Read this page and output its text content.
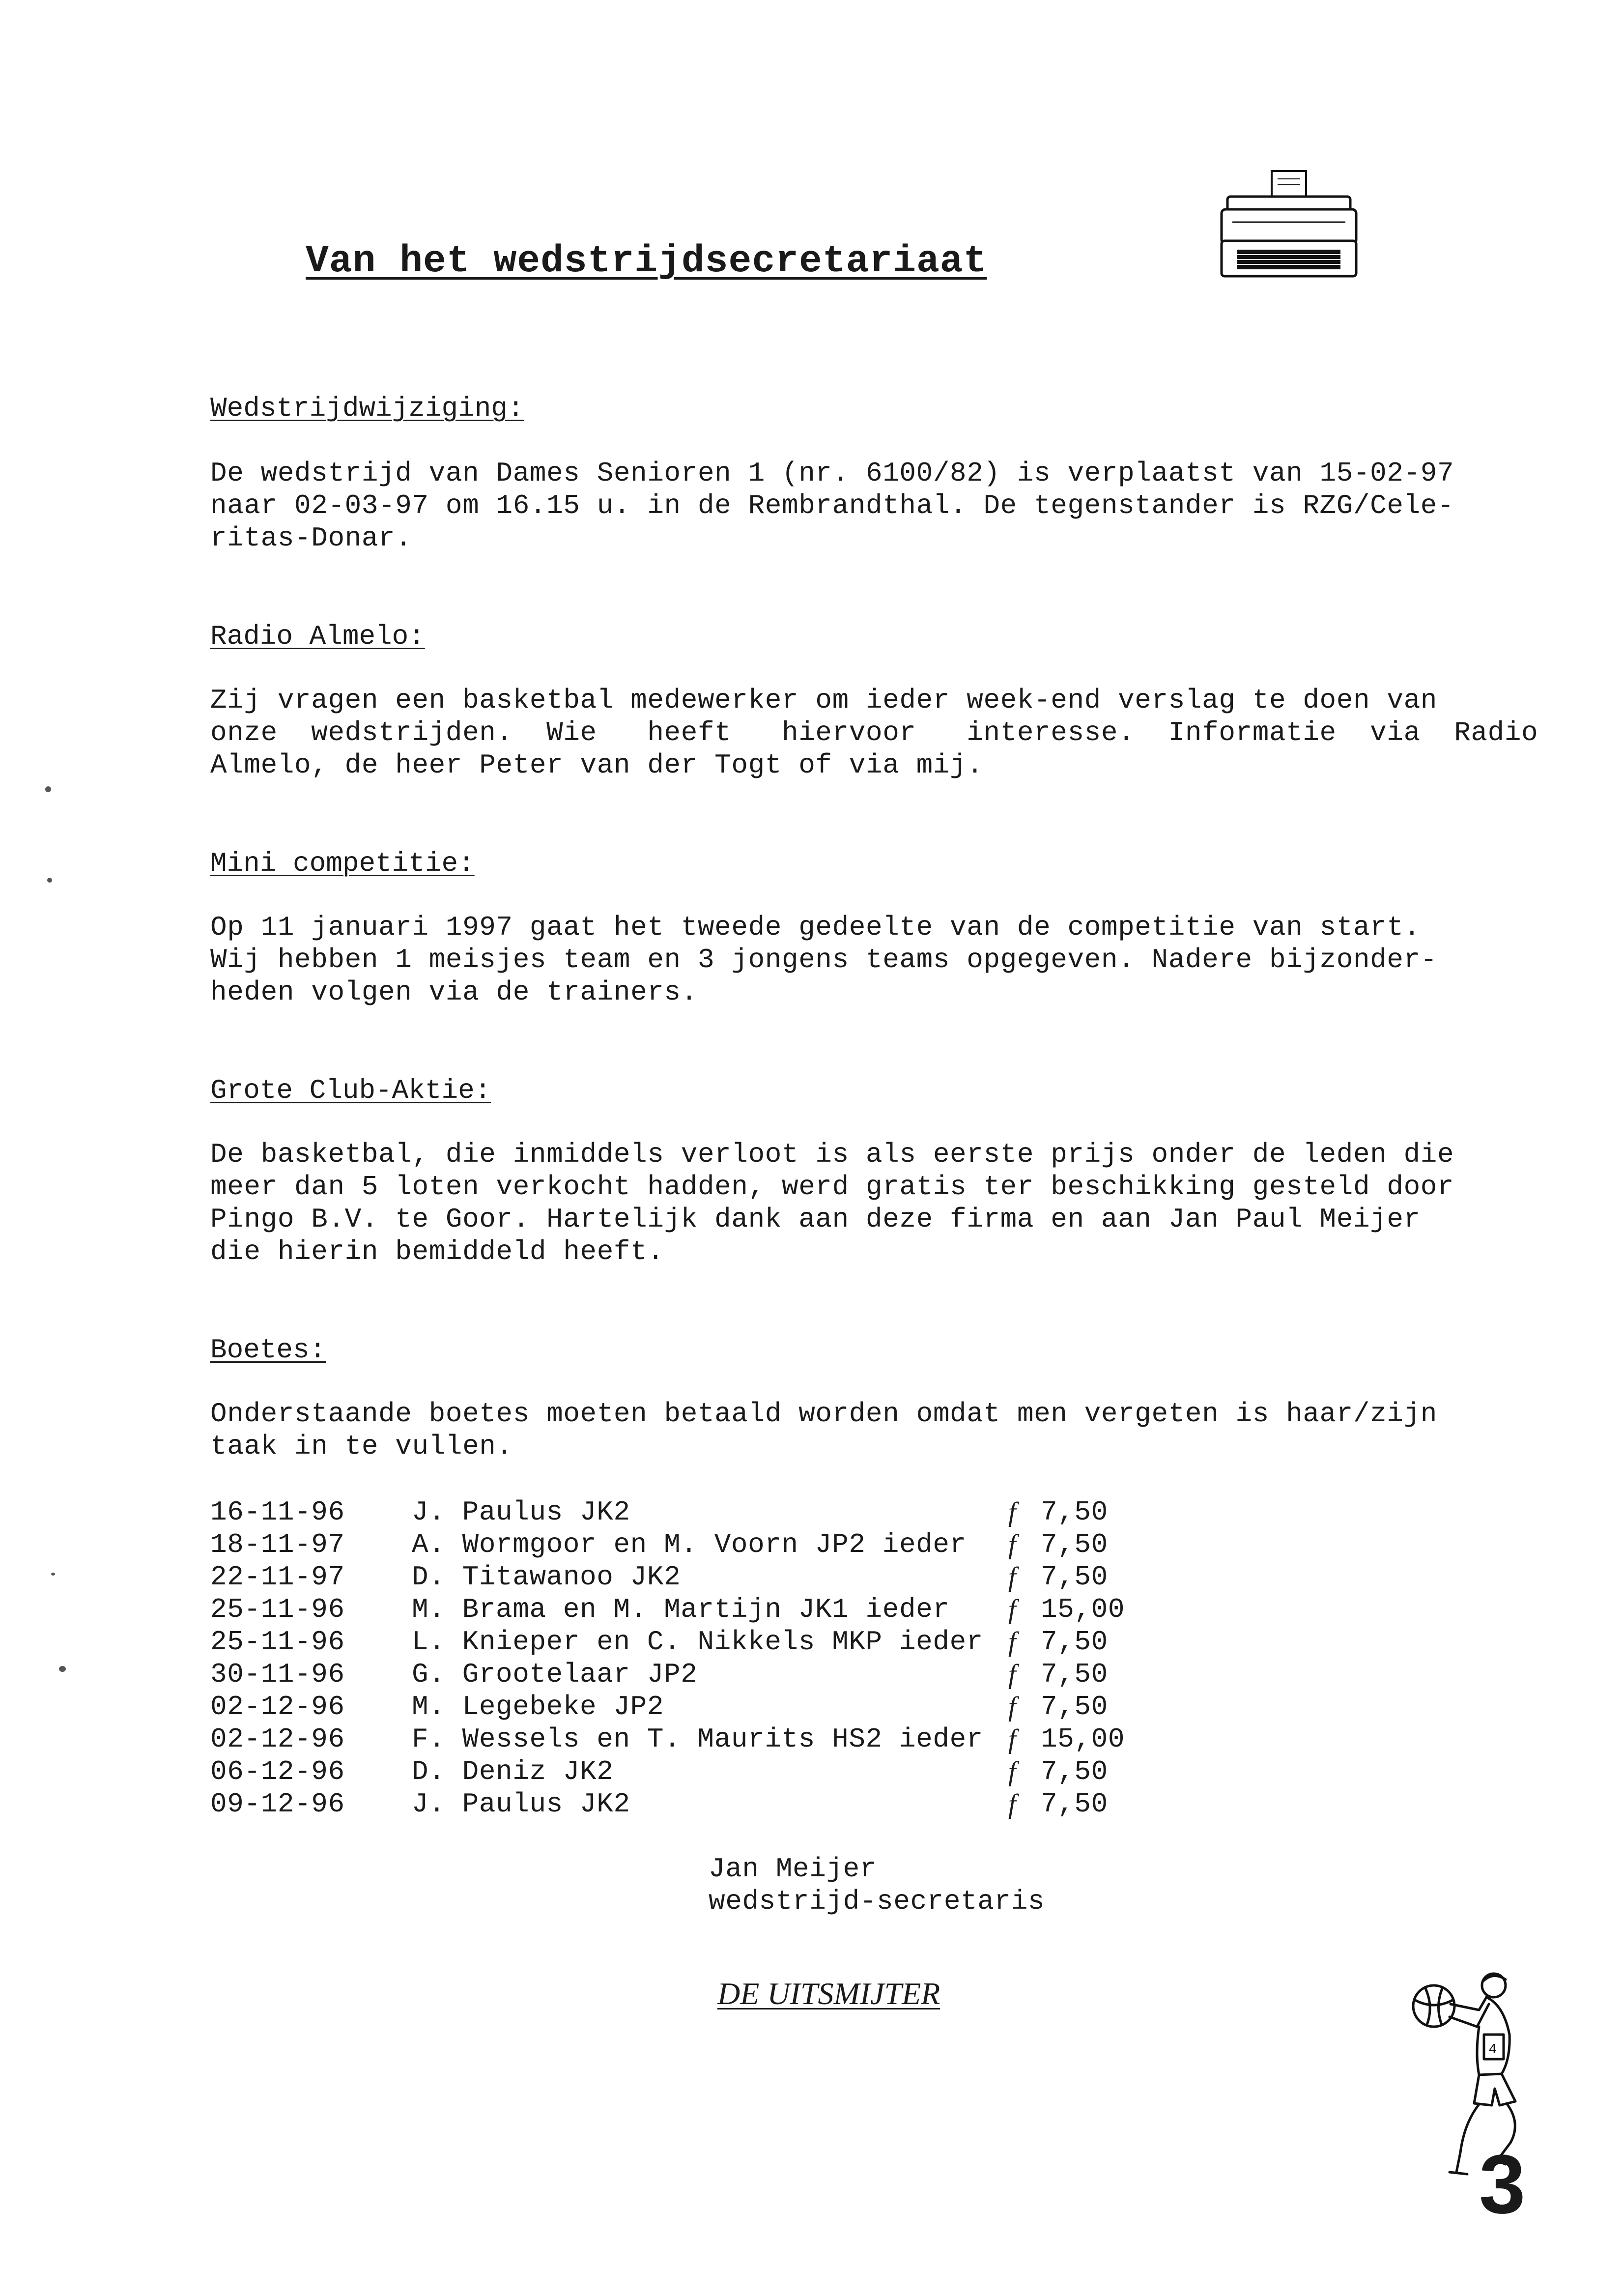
Van het wedstrijdsecretariaat
Wedstrijdwijziging:
De wedstrijd van Dames Senioren 1 (nr. 6100/82) is verplaatst van 15-02-97
naar 02-03-97 om 16.15 u. in de Rembrandthal. De tegenstander is RZG/Cele-
ritas-Donar.
Radio Almelo:
Zij vragen een basketbal medewerker om ieder week-end verslag te doen van
onze  wedstrijden.  Wie   heeft   hiervoor   interesse.  Informatie  via  Radio
Almelo, de heer Peter van der Togt of via mij.
Mini competitie:
Op 11 januari 1997 gaat het tweede gedeelte van de competitie van start.
Wij hebben 1 meisjes team en 3 jongens teams opgegeven. Nadere bijzonder-
heden volgen via de trainers.
Grote Club-Aktie:
De basketbal, die inmiddels verloot is als eerste prijs onder de leden die
meer dan 5 loten verkocht hadden, werd gratis ter beschikking gesteld door
Pingo B.V. te Goor. Hartelijk dank aan deze firma en aan Jan Paul Meijer
die hierin bemiddeld heeft.
Boetes:
Onderstaande boetes moeten betaald worden omdat men vergeten is haar/zijn
taak in te vullen.
16-11-96 J. Paulus JK2	f 7,50
18-11-97 A. Wormgoor en M. Voorn JP2 ieder f 7,50
22-11-97 D. Titawanoo JK2	f 7,50
25-11-96 M. Brama en M. Martijn JK1 ieder f 15,00
25-11-96 L. Knieper en C. Nikkels MKP ieder f 7,50
30-11-96 G. Grootelaar JP2	f 7,50
02-12-96 M. Legebeke JP2	f 7,50
02-12-96 F. Wessels en T. Maurits HS2 ieder f 15,00
06-12-96 D. Deniz JK2	f 7,50
09-12-96 J. Paulus JK2	f 7,50
Jan Meijer
wedstrijd-secretaris
DE UITSMIJTER
4
3
